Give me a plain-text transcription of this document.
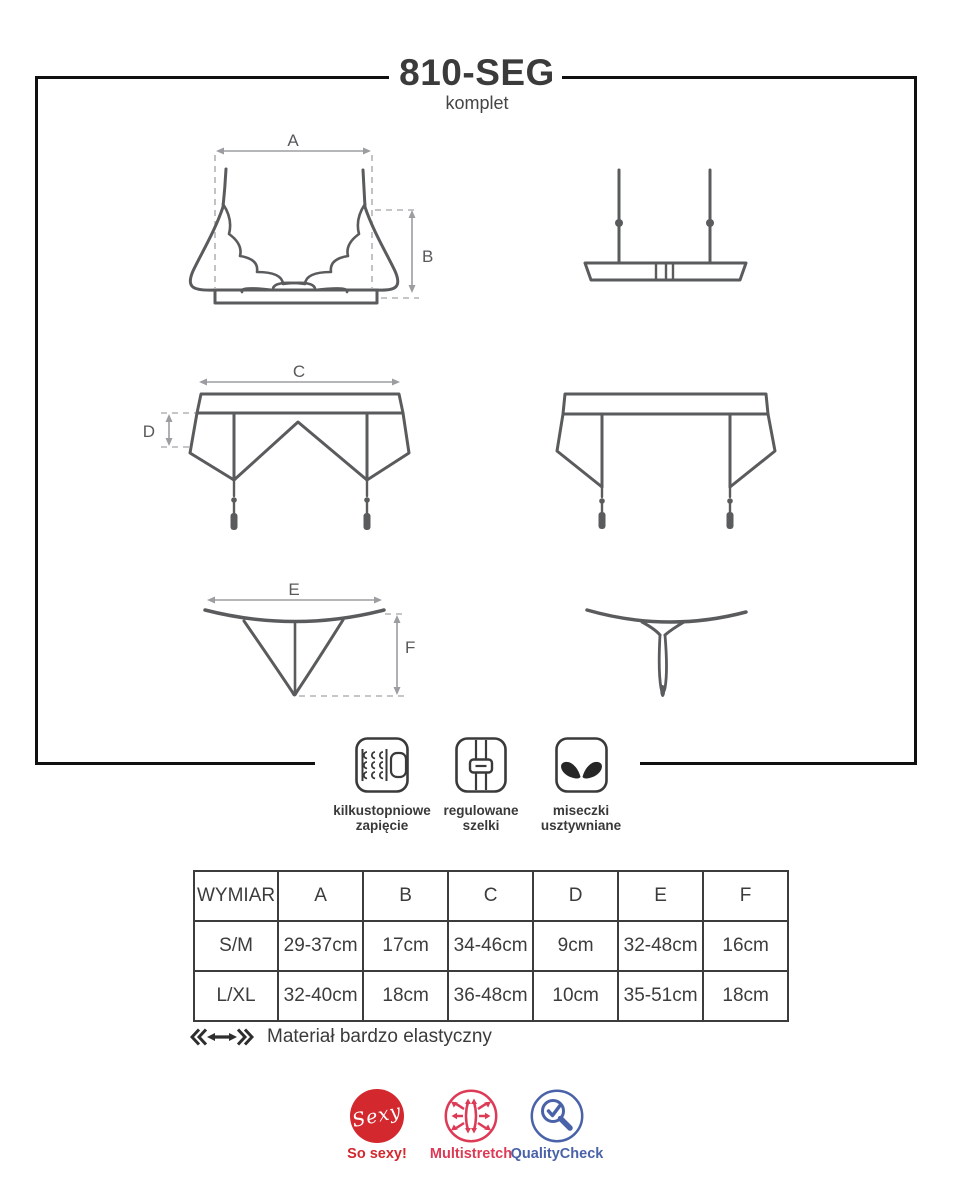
810-SEG
komplet
A
B
C
D
E
F
kilkustopniowe
zapięcie
regulowane
szelki
miseczki
usztywniane
WYMIAR	A	B	C	D	E	F
S/M	29-37cm	17cm	34-46cm	9cm	32-48cm	16cm
L/XL	32-40cm	18cm	36-48cm	10cm	35-51cm	18cm
Materiał bardzo elastyczny
Sexy
So sexy!	Multistretch
QualityCheck
